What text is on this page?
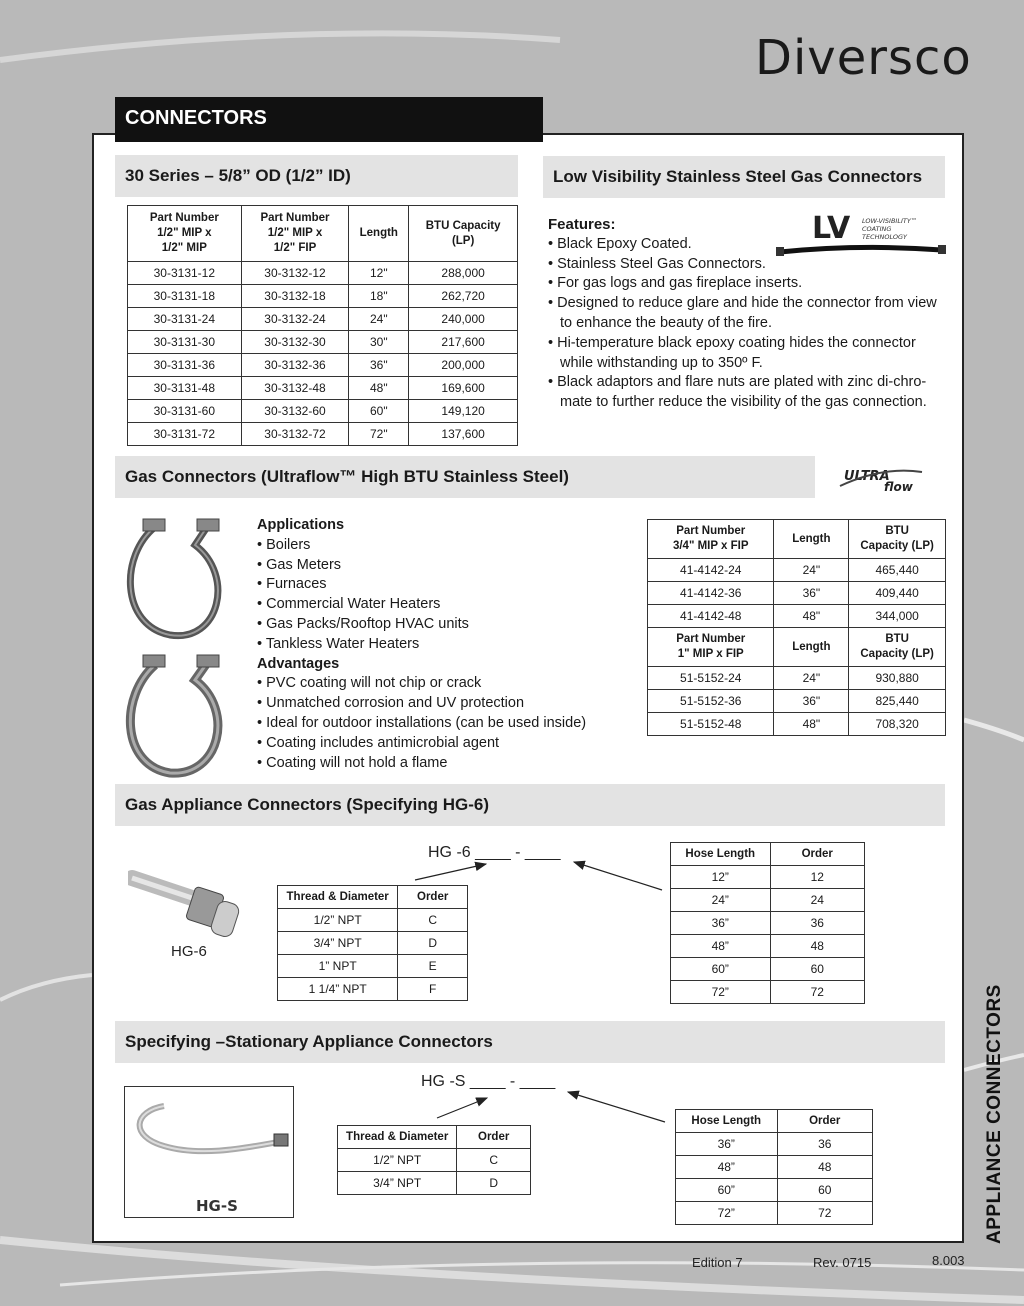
Diversco
CONNECTORS
30 Series – 5/8” OD (1/2” ID)
Part Number
1/2" MIP x
1/2" MIP	Part Number
1/2" MIP x
1/2" FIP	Length	BTU Capacity
(LP)
30-3131-12	30-3132-12	12"	288,000
30-3131-18	30-3132-18	18"	262,720
30-3131-24	30-3132-24	24"	240,000
30-3131-30	30-3132-30	30"	217,600
30-3131-36	30-3132-36	36"	200,000
30-3131-48	30-3132-48	48"	169,600
30-3131-60	30-3132-60	60"	149,120
30-3131-72	30-3132-72	72"	137,600
Low Visibility Stainless Steel Gas Connectors
Features:
• Black Epoxy Coated.
• Stainless Steel Gas Connectors.
• For gas logs and gas fireplace inserts.
• Designed to reduce glare and hide the connector from view to enhance the beauty of the fire.
• Hi-temperature black epoxy coating hides the connector while withstanding up to 350º F.
• Black adaptors and flare nuts are plated with zinc di-chro-mate to further reduce the visibility of the gas connection.
LV LOW-VISIBILITY™
COATING
TECHNOLOGY
Gas Connectors (Ultraflow™ High BTU Stainless Steel)	ULTRA
flow
Applications
• Boilers
• Gas Meters
• Furnaces
• Commercial Water Heaters
• Gas Packs/Rooftop HVAC units
• Tankless Water Heaters
Advantages
• PVC coating will not chip or crack
• Unmatched corrosion and UV protection
• Ideal for outdoor installations (can be used inside)
• Coating includes antimicrobial agent
• Coating will not hold a flame
Part Number
3/4" MIP x FIP	Length	BTU
Capacity (LP)
41-4142-24	24"	465,440
41-4142-36	36"	409,440
41-4142-48	48"	344,000
Part Number
1" MIP x FIP	Length	BTU
Capacity (LP)
51-5152-24	24"	930,880
51-5152-36	36"	825,440
51-5152-48	48"	708,320
Gas Appliance Connectors (Specifying HG-6)
HG -6 ____ - ____
HG-6
Thread & Diameter	Order
1/2” NPT	C
3/4” NPT	D
1” NPT	E
1 1/4” NPT	F
Hose Length	Order
12”	12
24”	24
36”	36
48”	48
60”	60
72”	72
Specifying –Stationary Appliance Connectors
HG -S ____ - ____
HG-S
Thread & Diameter	Order
1/2” NPT	C
3/4” NPT	D
Hose Length	Order
36”	36
48”	48
60”	60
72”	72	APPLIANCE CONNECTORS
Edition 7	Rev. 0715	8.003
